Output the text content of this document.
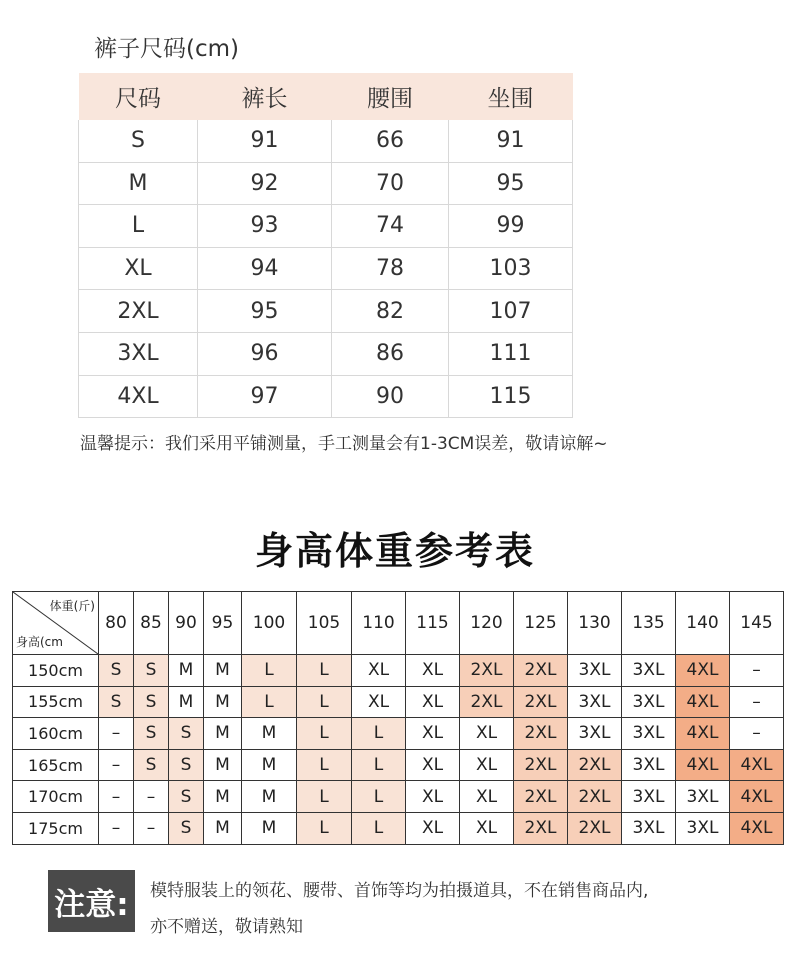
裤子尺码(cm)
尺码	裤长	腰围	坐围
S	91	66	91
M	92	70	95
L	93	74	99
XL	94	78	103
2XL	95	82	107
3XL	96	86	111
4XL	97	90	115
温馨提示：我们采用平铺测量，手工测量会有1-3CM误差，敬请谅解~
身高体重参考表
体重(斤)
身高(cm	80	85	90	95	100	105	110	115	120	125	130	135	140	145
150cm	S	S	M	M	L	L	XL	XL	2XL	2XL	3XL	3XL	4XL	–
155cm	S	S	M	M	L	L	XL	XL	2XL	2XL	3XL	3XL	4XL	–
160cm	–	S	S	M	M	L	L	XL	XL	2XL	3XL	3XL	4XL	–
165cm	–	S	S	M	M	L	L	XL	XL	2XL	2XL	3XL	4XL	4XL
170cm	–	–	S	M	M	L	L	XL	XL	2XL	2XL	3XL	3XL	4XL
175cm	–	–	S	M	M	L	L	XL	XL	2XL	2XL	3XL	3XL	4XL
注意:	模特服装上的领花、腰带、首饰等均为拍摄道具，不在销售商品内,
亦不赠送，敬请熟知
